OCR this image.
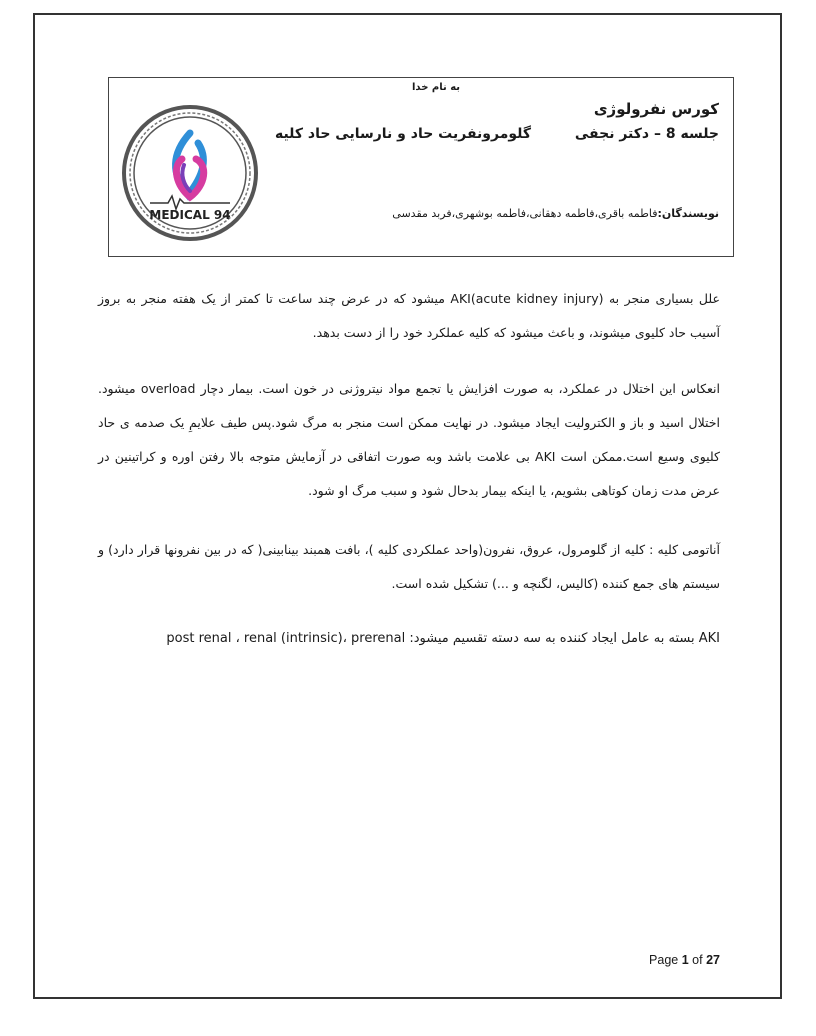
به نام خدا
کورس نفرولوژی
جلسه 8 – دکتر نجفی
گلومرونفریت حاد و نارسایی حاد کلیه
نویسندگان:فاطمه باقری،فاطمه دهقانی،فاطمه بوشهری،فربد مقدسی
MEDICAL 94
علل بسیاری منجر به AKI(acute kidney injury) میشود که در عرض چند ساعت تا کمتر از یک هفته منجر به بروز آسیب حاد کلیوی میشوند، و باعث میشود که کلیه عملکرد خود را از دست بدهد.
انعکاس این اختلال در عملکرد، به صورت افزایش یا تجمع مواد نیتروژنی در خون است. بیمار دچار overload میشود. اختلال اسید و باز و الکترولیت ایجاد میشود. در نهایت ممکن است منجر به مرگ شود.پس طیف علایمِ یک صدمه ی حاد کلیوی وسیع است.ممکن است AKI بی علامت باشد وبه صورت اتفاقی در آزمایش متوجه بالا رفتن اوره و کراتینین در عرض مدت زمان کوتاهی بشویم، یا اینکه بیمار بدحال شود و سبب مرگ او شود.
آناتومی کلیه : کلیه از گلومرول، عروق، نفرون(واحد عملکردی کلیه )، بافت همبند بینابینی( که در بین نفرونها قرار دارد) و سیستم های جمع کننده (کالیس، لگنچه و ...) تشکیل شده است.
AKI بسته به عامل ایجاد کننده به سه دسته تقسیم میشود: post renal ، renal (intrinsic)، prerenal
Page 1 of 27
